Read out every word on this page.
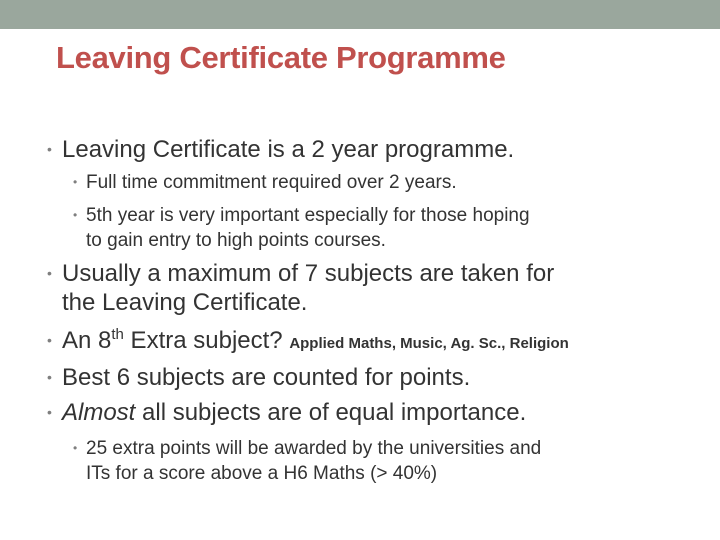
Leaving Certificate Programme
• Leaving Certificate is a 2 year programme.
• Full time commitment required over 2 years.
• 5th year is very important especially for those hoping
to gain entry to high points courses.
• Usually a maximum of 7 subjects are taken for
the Leaving Certificate.
• An 8th Extra subject? Applied Maths, Music, Ag. Sc., Religion
• Best 6 subjects are counted for points.
• Almost all subjects are of equal importance.
• 25 extra points will be awarded by the universities and
ITs for a score above a H6 Maths (> 40%)
